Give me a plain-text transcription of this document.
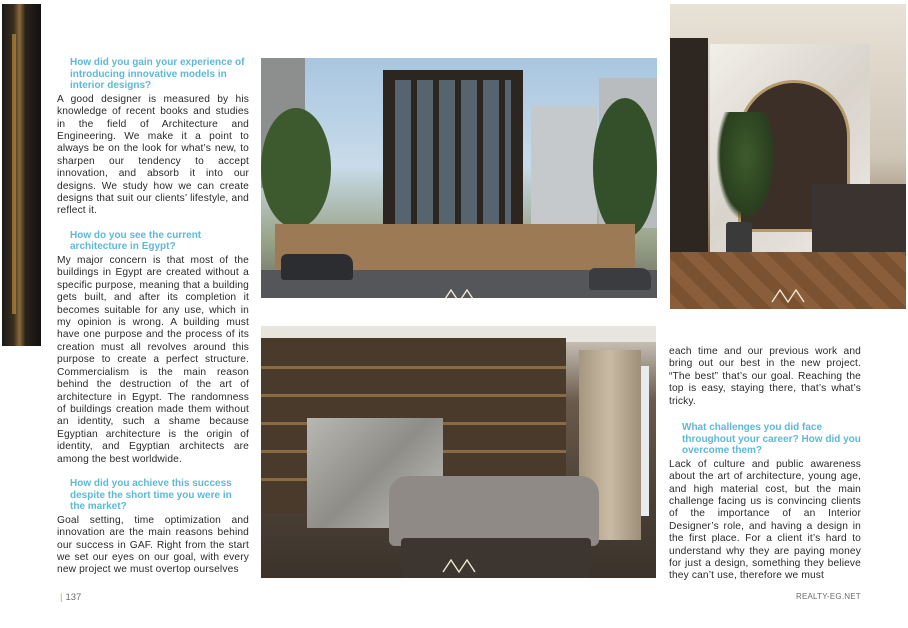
How did you gain your experience of introducing innovative models in interior designs?
A good designer is measured by his knowledge of recent books and studies in the field of Architecture and Engineering. We make it a point to always be on the look for what’s new, to sharpen our tendency to accept innovation, and absorb it into our designs. We study how we can create designs that suit our clients’ lifestyle, and reflect it.
How do you see the current architecture in Egypt?
My major concern is that most of the buildings in Egypt are created without a specific purpose, meaning that a building gets built, and after its completion it becomes suitable for any use, which in my opinion is wrong. A building must have one purpose and the process of its creation must all revolves around this purpose to create a perfect structure. Commercialism is the main reason behind the destruction of the art of architecture in Egypt. The randomness of buildings creation made them without an identity, such a shame because Egyptian architecture is the origin of identity, and Egyptian architects are among the best worldwide.
How did you achieve this success despite the short time you were in the market?
Goal setting, time optimization and innovation are the main reasons behind our success in GAF. Right from the start we set our eyes on our goal, with every new project we must overtop ourselves
each time and our previous work and bring out our best in the new project. “The best” that’s our goal. Reaching the top is easy, staying there, that’s what’s tricky.
What challenges you did face throughout your career? How did you overcome them?
Lack of culture and public awareness about the art of architecture, young age, and high material cost, but the main challenge facing us is convincing clients of the importance of an Interior Designer’s role, and having a design in the first place. For a client it’s hard to understand why they are paying money for just a design, something they believe they can’t use, therefore we must
| 137	REALTY-EG.NET
